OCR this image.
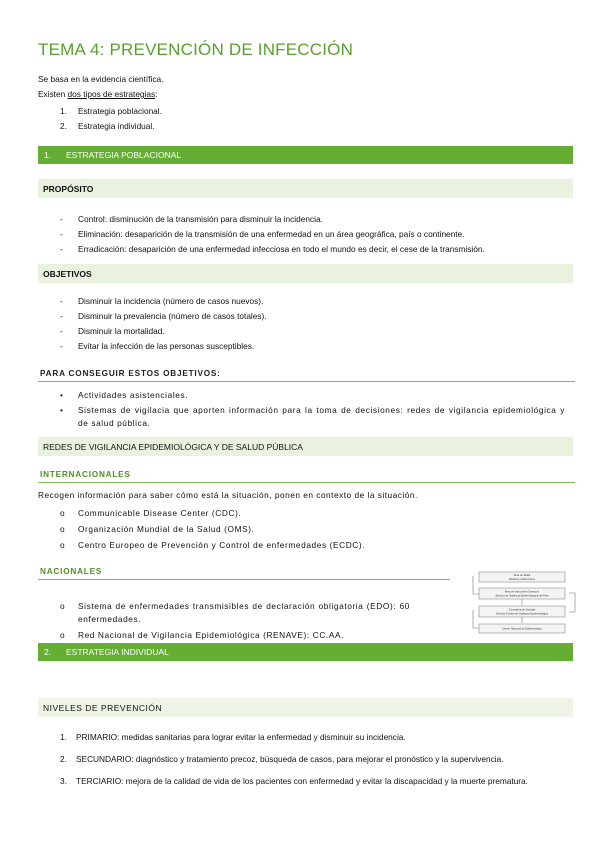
TEMA 4: PREVENCIÓN DE INFECCIÓN
Se basa en la evidencia científica.
Existen dos tipos de estrategias:
1.	Estrategia poblacional.
2.	Estrategia individual.
1.	ESTRATEGIA POBLACIONAL
PROPÓSITO
-	Control: disminución de la transmisión para disminuir la incidencia.
-	Eliminación: desaparición de la transmisión de una enfermedad en un área geográfica, país o continente.
-	Erradicación: desaparición de una enfermedad infecciosa en todo el mundo es decir, el cese de la transmisión.
OBJETIVOS
-	Disminuir la incidencia (número de casos nuevos).
-	Disminuir la prevalencia (número de casos totales).
-	Disminuir la mortalidad.
-	Evitar la infección de las personas susceptibles.
PARA CONSEGUIR ESTOS OBJETIVOS:
•	Actividades asistenciales.
•	Sistemas de vigilacia que aporten información para la toma de decisiones: redes de vigilancia epidemiológica y de salud pública.
REDES DE VIGILANCIA EPIDEMIOLÓGICA Y DE SALUD PÚBLICA
INTERNACIONALES
Recogen información para saber cómo está la situación, ponen en contexto de la situación.
o	Communicable Disease Center (CDC).
o	Organización Mundial de la Salud (OMS).
o	Centro Europeo de Prevención y Control de enfermedades (ECDC).
NACIONALES
o	Sistema de enfermedades transmisibles de declaración obligatoria (EDO): 60 enfermedades.
o	Red Nacional de Vigilancia Epidemiológica (RENAVE): CC.AA.
Área de Salud
Médicos y Enfermeros
Área de Salud de la Dirección
Servicio de Vigilancia Epidemiológica del Área
Consejería de Sanidad
Servicio Central de Vigilancia Epidemiológica
Centro Nacional de Epidemiología
2.	ESTRATEGIA INDIVIDUAL
NIVELES DE PREVENCIÓN
1.	PRIMARIO: medidas sanitarias para lograr evitar la enfermedad y disminuir su incidencia.
2.	SECUNDARIO: diagnóstico y tratamiento precoz, búsqueda de casos, para mejorar el pronóstico y la supervivencia.
3.	TERCIARIO: mejora de la calidad de vida de los pacientes con enfermedad y evitar la discapacidad y la muerte prematura.
